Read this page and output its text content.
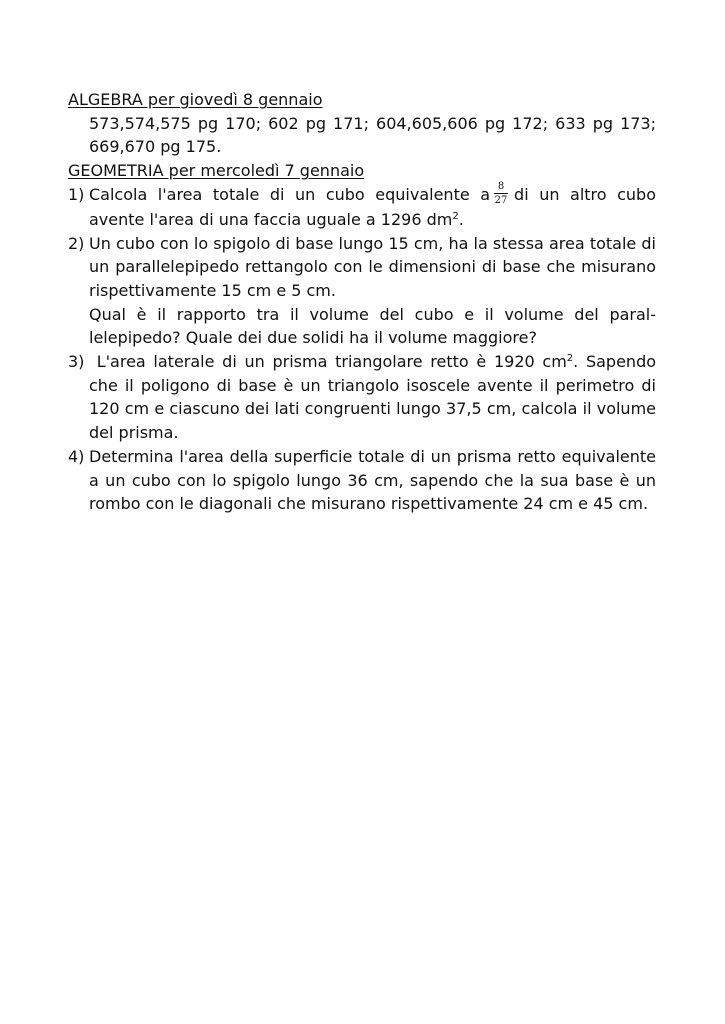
ALGEBRA per giovedì 8 gennaio
573,574,575 pg 170; 602 pg 171; 604,605,606 pg 172; 633 pg 173; 669,670 pg 175.
GEOMETRIA per mercoledì 7 gennaio
1) Calcola l'area totale di un cubo equivalente a $\frac{8}{27}$ di un altro cubo avente l'area di una faccia uguale a 1296 $dm^2$.
2) Un cubo con lo spigolo di base lungo 15 cm, ha la stessa area totale di un parallelepipedo rettangolo con le dimensioni di base che misurano rispettivamente 15 cm e 5 cm.
Qual è il rapporto tra il volume del cubo e il volume del paral-lelepipedo? Quale dei due solidi ha il volume maggiore?
3) L'area laterale di un prisma triangolare retto è 1920 $cm^2$. Sapendo che il poligono di base è un triangolo isoscele avente il perimetro di 120 cm e ciascuno dei lati congruenti lungo 37,5 cm, calcola il volume del prisma.
4) Determina l'area della superficie totale di un prisma retto equivalente a un cubo con lo spigolo lungo 36 cm, sapendo che la sua base è un rombo con le diagonali che misurano rispettivamente 24 cm e 45 cm.
